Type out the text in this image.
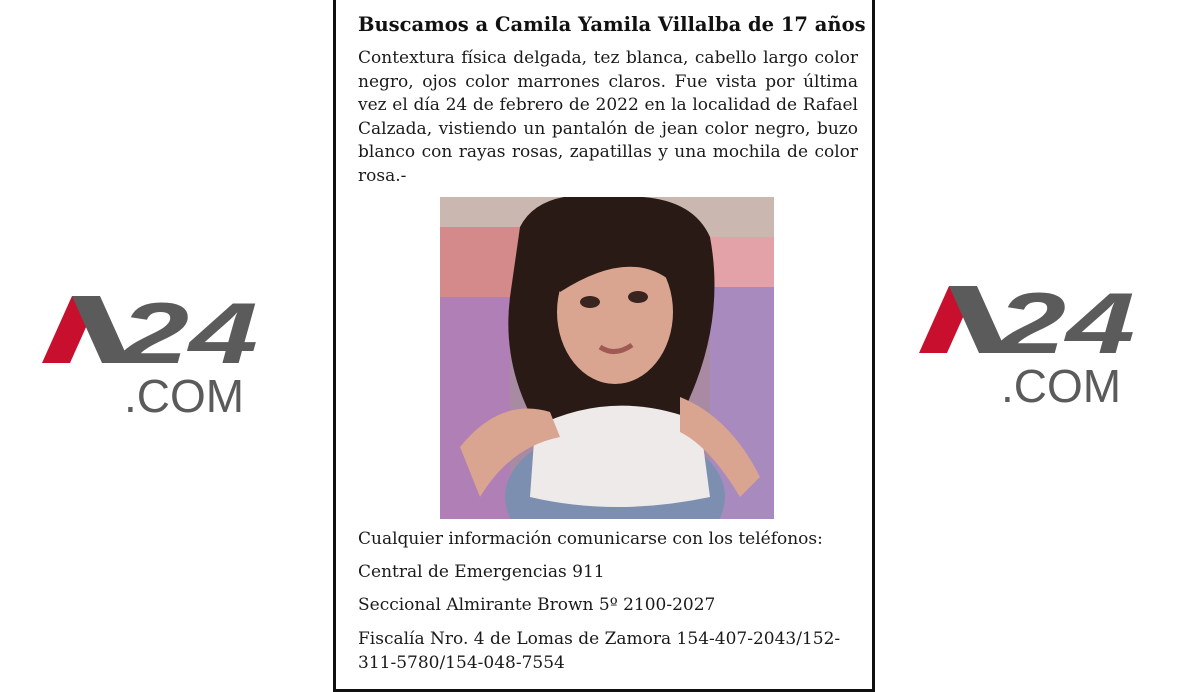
24
.COM
24
.COM
Buscamos a Camila Yamila Villalba de 17 años
Contextura física delgada, tez blanca, cabello largo color negro, ojos color marrones claros. Fue vista por última vez el día 24 de febrero de 2022 en la localidad de Rafael Calzada, vistiendo un pantalón de jean color negro, buzo blanco con rayas rosas, zapatillas y una mochila de color rosa.-
Cualquier información comunicarse con los teléfonos:
Central de Emergencias 911
Seccional Almirante Brown 5º 2100-2027
Fiscalía Nro. 4 de Lomas de Zamora 154-407-2043/152-311-5780/154-048-7554
